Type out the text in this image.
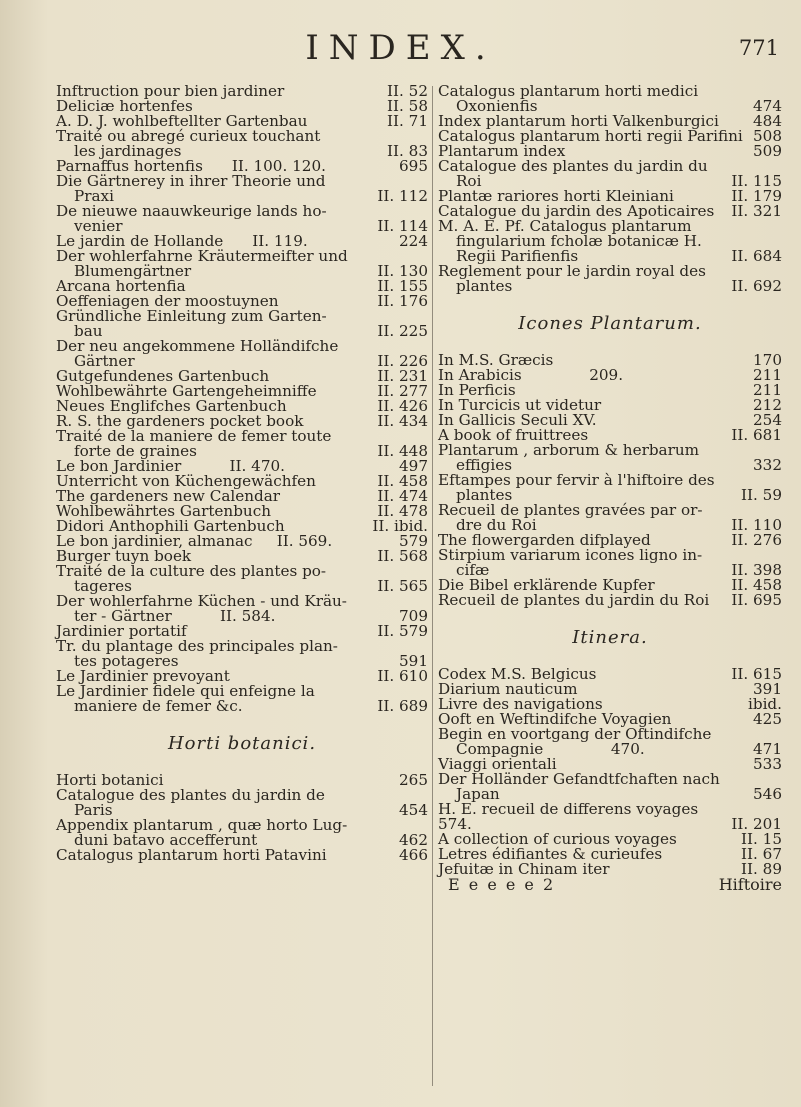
INDEX.	771
Inftruction pour bien jardiner	II. 52
Deliciæ hortenfes	II. 58
A. D. J. wohlbeftellter Gartenbau	II. 71
Traité ou abregé curieux touchant
les jardinages	II. 83
Parnaffus hortenfis      II. 100. 120.	695
Die Gärtnerey in ihrer Theorie und
Praxi	II. 112
De nieuwe naauwkeurige lands ho-
venier	II. 114
Le jardin de Hollande      II. 119.	224
Der wohlerfahrne Kräutermeifter und
Blumengärtner	II. 130
Arcana hortenfia	II. 155
Oeffeniagen der moostuynen	II. 176
Gründliche Einleitung zum Garten-
bau	II. 225
Der neu angekommene Holländifche
Gärtner	II. 226
Gutgefundenes Gartenbuch	II. 231
Wohlbewährte Gartengeheimniffe	II. 277
Neues Englifches Gartenbuch	II. 426
R. S. the gardeners pocket book	II. 434
Traité de la maniere de femer toute
forte de graines	II. 448
Le bon Jardinier          II. 470.	497
Unterricht von Küchengewächfen	II. 458
The gardeners new Calendar	II. 474
Wohlbewährtes Gartenbuch	II. 478
Didori Anthophili Gartenbuch	II. ibid.
Le bon jardinier, almanac     II. 569.	579
Burger tuyn boek	II. 568
Traité de la culture des plantes po-
tageres	II. 565
Der wohlerfahrne Küchen - und Kräu-
ter - Gärtner          II. 584.	709
Jardinier portatif	II. 579
Tr. du plantage des principales plan-
tes potageres	591
Le Jardinier prevoyant	II. 610
Le Jardinier fidele qui enfeigne la
maniere de femer &c.	II. 689
Horti botanici.
Horti botanici	265
Catalogue des plantes du jardin de
Paris	454
Appendix plantarum , quæ horto Lug-
duni batavo accefferunt	462
Catalogus plantarum horti Patavini	466
Catalogus plantarum horti medici
Oxonienfis	474
Index plantarum horti Valkenburgici	484
Catalogus plantarum horti regii Parifini 508
Plantarum index	509
Catalogue des plantes du jardin du
Roi	II. 115
Plantæ rariores horti Kleiniani	II. 179
Catalogue du jardin des Apoticaires	II. 321
M. A. E. Pf. Catalogus plantarum
fingularium fcholæ botanicæ H.
Regii Parifienfis	II. 684
Reglement pour le jardin royal des
plantes	II. 692
Icones Plantarum.
In M.S. Græcis	170
In Arabicis              209.	211
In Perficis	211
In Turcicis ut videtur	212
In Gallicis Seculi XV.	254
A book of fruittrees	II. 681
Plantarum , arborum & herbarum
effigies	332
Eftampes pour fervir à l'hiftoire des
plantes	II. 59
Recueil de plantes gravées par or-
dre du Roi	II. 110
The flowergarden difplayed	II. 276
Stirpium variarum icones ligno in-
cifæ	II. 398
Die Bibel erklärende Kupfer	II. 458
Recueil de plantes du jardin du Roi	II. 695
Itinera.
Codex M.S. Belgicus	II. 615
Diarium nauticum	391
Livre des navigations	ibid.
Ooft en Weftindifche Voyagien	425
Begin en voortgang der Oftindifche
Compagnie              470.	471
Viaggi orientali	533
Der Holländer Gefandtfchaften nach
Japan	546
H. E. recueil de differens voyages 574.	II. 201
A collection of curious voyages	II. 15
Letres édifiantes & curieufes	II. 67
Jefuitæ in Chinam iter	II. 89
E e e e e 2	Hiftoire
